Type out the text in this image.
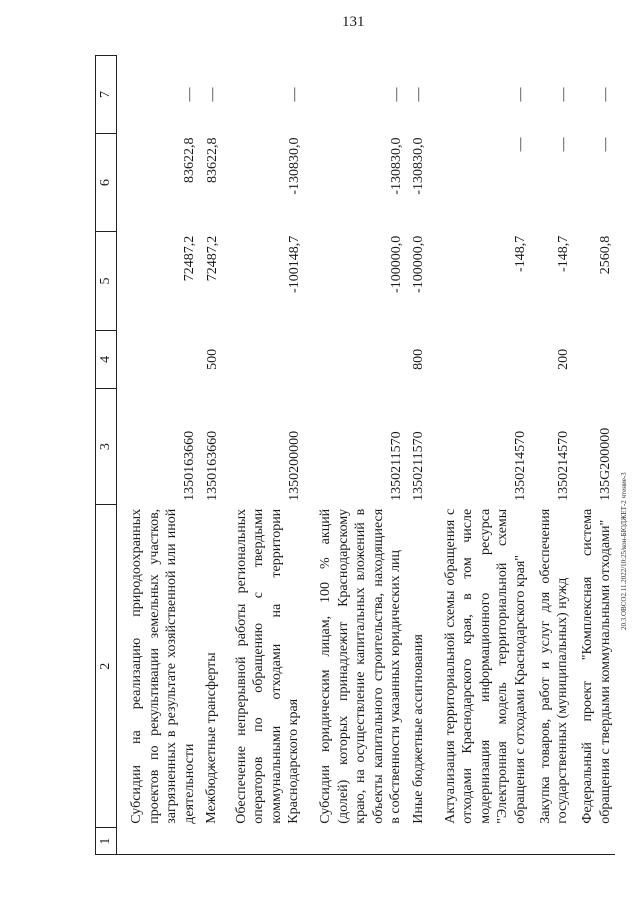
131
20.3.ОВСО2.11.2022/10:25/кон-БЮДЖЕТ-2 чтение-3
1	2	3	4	5	6	7
	Субсидии на реализацию природоохранных проектов по рекультивации земельных участков, загрязненных в результате хозяйственной или иной деятельности	1350163660		72487,2	83622,8	—
	Межбюджетные трансферты	1350163660	500	72487,2	83622,8	—
	Обеспечение непрерывной работы региональных операторов по обращению с твердыми коммунальными отходами на территории Краснодарского края	1350200000		-100148,7	-130830,0	—
	Субсидии юридическим лицам, 100 % акций (долей) которых принадлежит Краснодарскому краю, на осуществление капитальных вложений в объекты капитального строительства, находящиеся в собственности указанных юридических лиц	1350211570		-100000,0	-130830,0	—
	Иные бюджетные ассигнования	1350211570	800	-100000,0	-130830,0	—
	Актуализация территориальной схемы обращения с отходами Краснодарского края, в том числе модернизация информационного ресурса "Электронная модель территориальной схемы обращения с отходами Краснодарского края"	1350214570		-148,7	—	—
	Закупка товаров, работ и услуг для обеспечения государственных (муниципальных) нужд	1350214570	200	-148,7	—	—
	Федеральный проект "Комплексная система обращения с твердыми коммунальными отходами"	135G200000		2560,8	—	—
